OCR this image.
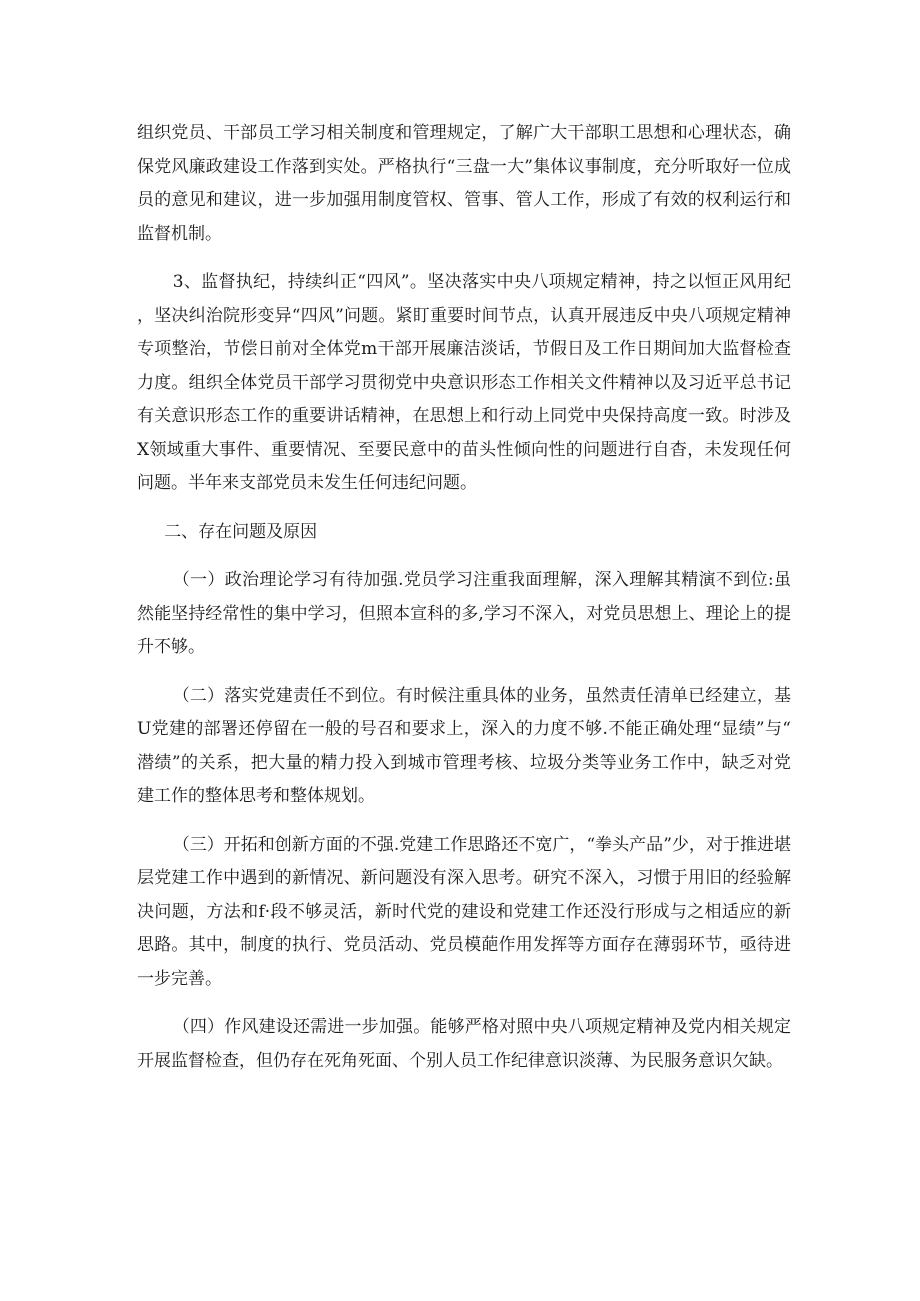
组织党员、干部员工学习相关制度和管理规定，了解广大干部职工思想和心理状态，确保党风廉政建设工作落到实处。严格执行“三盘一大”集体议事制度，充分听取好一位成员的意见和建议，进一步加强用制度管权、管事、管人工作，形成了有效的权利运行和监督机制。

3、监督执纪，持续纠正“四风”。坚决落实中央八项规定精神，持之以恒正风用纪，坚决纠治院形变异“四风”问题。紧盯重要时间节点，认真开展违反中央八项规定精神专项整治，节偿日前对全体党m干部开展廉洁淡话，节假日及工作日期间加大监督检查力度。组织全体党员干部学习贯彻党中央意识形态工作相关文件精神以及习近平总书记有关意识形态工作的重要讲话精神，在思想上和行动上同党中央保持高度一致。时涉及X领域重大事件、重要情况、至要民意中的苗头性倾向性的问题进行自杳，未发现任何问题。半年来支部党员未发生任何违纪问题。

二、存在问题及原因

（一）政治理论学习有待加强.党员学习注重我面理解，深入理解其精演不到位:虽然能坚持经常性的集中学习，但照本宣科的多,学习不深入，对党员思想上、理论上的提升不够。

（二）落实党建责任不到位。有时候注重具体的业务，虽然责任清单已经建立，基U党建的部署还停留在一般的号召和要求上，深入的力度不够.不能正确处理“显绩”与“潜绩”的关系，把大量的精力投入到城市管理考核、垃圾分类等业务工作中，缺乏对党建工作的整体思考和整体规划。

（三）开拓和创新方面的不强.党建工作思路还不宽广，“拳头产品”少，对于推进堪层党建工作中遇到的新情况、新问题没有深入思考。研究不深入，习惯于用旧的经验解决问题，方法和f·段不够灵活，新时代党的建设和党建工作还没行形成与之相适应的新思路。其中，制度的执行、党员活动、党员模葩作用发挥等方面存在薄弱环节，亟待进一步完善。

（四）作风建设还需进一步加强。能够严格对照中央八项规定精神及党内相关规定开展监督检查，但仍存在死角死面、个别人员工作纪律意识淡薄、为民服务意识欠缺。
